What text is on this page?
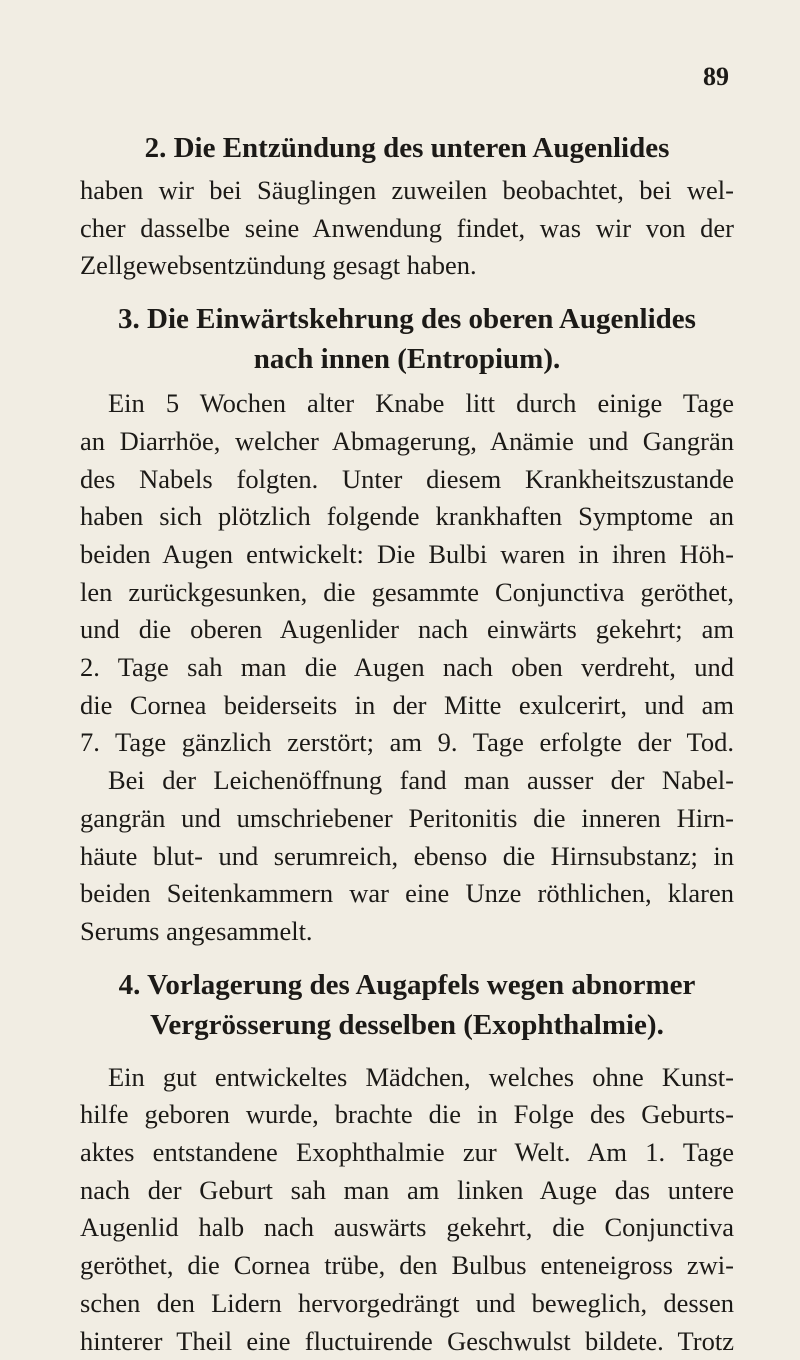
89
2. Die Entzündung des unteren Augenlides

haben wir bei Säuglingen zuweilen beobachtet, bei wel-
cher dasselbe seine Anwendung findet, was wir von der
Zellgewebsentzündung gesagt haben.

3. Die Einwärtskehrung des oberen Augenlides
nach innen (Entropium).

Ein 5 Wochen alter Knabe litt durch einige Tage
an Diarrhöe, welcher Abmagerung, Anämie und Gangrän
des Nabels folgten. Unter diesem Krankheitszustande
haben sich plötzlich folgende krankhaften Symptome an
beiden Augen entwickelt: Die Bulbi waren in ihren Höh-
len zurückgesunken, die gesammte Conjunctiva geröthet,
und die oberen Augenlider nach einwärts gekehrt; am
2. Tage sah man die Augen nach oben verdreht, und
die Cornea beiderseits in der Mitte exulcerirt, und am
7. Tage gänzlich zerstört; am 9. Tage erfolgte der Tod.
Bei der Leichenöffnung fand man ausser der Nabel-
gangrän und umschriebener Peritonitis die inneren Hirn-
häute blut- und serumreich, ebenso die Hirnsubstanz; in
beiden Seitenkammern war eine Unze röthlichen, klaren
Serums angesammelt.

4. Vorlagerung des Augapfels wegen abnormer
Vergrösserung desselben (Exophthalmie).

Ein gut entwickeltes Mädchen, welches ohne Kunst-
hilfe geboren wurde, brachte die in Folge des Geburts-
aktes entstandene Exophthalmie zur Welt. Am 1. Tage
nach der Geburt sah man am linken Auge das untere
Augenlid halb nach auswärts gekehrt, die Conjunctiva
geröthet, die Cornea trübe, den Bulbus enteneigross zwi-
schen den Lidern hervorgedrängt und beweglich, dessen
hinterer Theil eine fluctuirende Geschwulst bildete. Trotz
